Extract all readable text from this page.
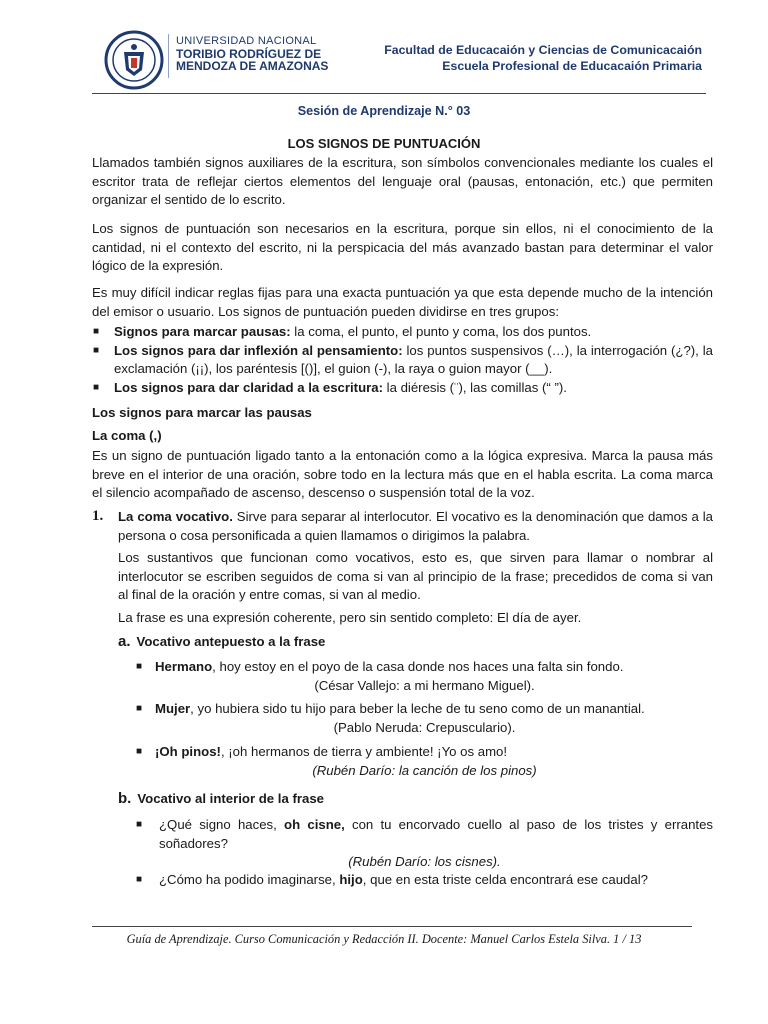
UNIVERSIDAD NACIONAL
TORIBIO RODRÍGUEZ DE
MENDOZA DE AMAZONAS
Facultad de Educacaión y Ciencias de Comunicacaión
Escuela Profesional de Educacaión Primaria
Sesión de Aprendizaje N.° 03
LOS SIGNOS DE PUNTUACIÓN
Llamados también signos auxiliares de la escritura, son símbolos convencionales mediante los cuales el escritor trata de reflejar ciertos elementos del lenguaje oral (pausas, entonación, etc.) que permiten organizar el sentido de lo escrito.
Los signos de puntuación son necesarios en la escritura, porque sin ellos, ni el conocimiento de la cantidad, ni el contexto del escrito, ni la perspicacia del más avanzado bastan para determinar el valor lógico de la expresión.
Es muy difícil indicar reglas fijas para una exacta puntuación ya que esta depende mucho de la intención del emisor o usuario. Los signos de puntuación pueden dividirse en tres grupos:
■ Signos para marcar pausas: la coma, el punto, el punto y coma, los dos puntos.
■ Los signos para dar inflexión al pensamiento: los puntos suspensivos (…), la interrogación (¿?), la exclamación (¡¡), los paréntesis [()], el guion (-), la raya o guion mayor (__).
■ Los signos para dar claridad a la escritura: la diéresis (¨), las comillas (“ ”).
Los signos para marcar las pausas
La coma (,)
Es un signo de puntuación ligado tanto a la entonación como a la lógica expresiva. Marca la pausa más breve en el interior de una oración, sobre todo en la lectura más que en el habla escrita. La coma marca el silencio acompañado de ascenso, descenso o suspensión total de la voz.
1. La coma vocativo. Sirve para separar al interlocutor. El vocativo es la denominación que damos a la persona o cosa personificada a quien llamamos o dirigimos la palabra.
Los sustantivos que funcionan como vocativos, esto es, que sirven para llamar o nombrar al interlocutor se escriben seguidos de coma si van al principio de la frase; precedidos de coma si van al final de la oración y entre comas, si van al medio.
La frase es una expresión coherente, pero sin sentido completo: El día de ayer.
a. Vocativo antepuesto a la frase
■ Hermano, hoy estoy en el poyo de la casa donde nos haces una falta sin fondo.
(César Vallejo: a mi hermano Miguel).
■ Mujer, yo hubiera sido tu hijo para beber la leche de tu seno como de un manantial.
(Pablo Neruda: Crepusculario).
■ ¡Oh pinos!, ¡oh hermanos de tierra y ambiente! ¡Yo os amo!
(Rubén Darío: la canción de los pinos)
b. Vocativo al interior de la frase
■	¿Qué signo haces, oh cisne, con tu encorvado cuello al paso de los tristes y errantes soñadores?
(Rubén Darío: los cisnes).
■	¿Cómo ha podido imaginarse, hijo, que en esta triste celda encontrará ese caudal?
Guía de Aprendizaje. Curso Comunicación y Redacción II. Docente: Manuel Carlos Estela Silva. 1 / 13
